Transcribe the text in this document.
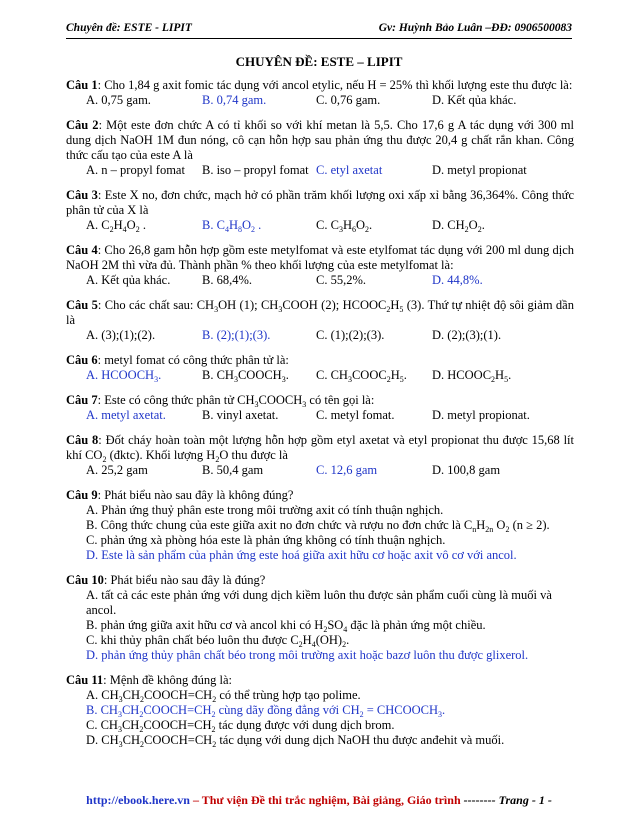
Chuyên đề: ESTE - LIPIT	Gv: Huỳnh Bảo Luân –ĐĐ: 0906500083
CHUYÊN ĐỀ: ESTE – LIPIT
Câu 1: Cho 1,84 g axit fomic tác dụng với ancol etylic, nếu H = 25% thì khối lượng este thu được là:
A. 0,75 gam.	B. 0,74 gam.	C. 0,76 gam.	D. Kết qủa khác.
Câu 2: Một este đơn chức A có tỉ khối so với khí metan là 5,5. Cho 17,6 g A tác dụng với 300 ml dung dịch NaOH 1M đun nóng, cô cạn hỗn hợp sau phản ứng thu được 20,4 g chất rắn khan. Công thức cấu tạo của este A là
A. n – propyl fomat	B. iso – propyl fomat C. etyl axetat	D. metyl propionat
Câu 3: Este X no, đơn chức, mạch hở có phần trăm khối lượng oxi xấp xỉ bằng 36,364%. Công thức phân tử của X là
A. $C_2H_4O_2$ .	B. $C_4H_8O_2$ .	C. $C_3H_6O_2$.	D. $CH_2O_2$.
Câu 4: Cho 26,8 gam hỗn hợp gồm este metylfomat và este etylfomat tác dụng với 200 ml dung dịch NaOH 2M thì vừa đủ. Thành phần % theo khối lượng của este metylfomat là:
A. Kết qủa khác.	B. 68,4%.	C. 55,2%.	D. 44,8%.
Câu 5: Cho các chất sau: $CH_3OH$ (1); $CH_3COOH$ (2); $HCOOC_2H_5$ (3). Thứ tự nhiệt độ sôi giảm dần là
A. (3);(1);(2).	B. (2);(1);(3).	C. (1);(2);(3).	D. (2);(3);(1).
Câu 6: metyl fomat có công thức phân tử là:
A. $HCOOCH_3$.	B. $CH_3COOCH_3$.	C. $CH_3COOC_2H_5$.	D. $HCOOC_2H_5$.
Câu 7: Este có công thức phân tử $CH_3COOCH_3$ có tên gọi là:
A. metyl axetat.	B. vinyl axetat.	C. metyl fomat.	D. metyl propionat.
Câu 8: Đốt cháy hoàn toàn một lượng hỗn hợp gồm etyl axetat và etyl propionat thu được 15,68 lít khí $CO_2$ (đktc). Khối lượng $H_2O$ thu được là
A. 25,2 gam	B. 50,4 gam	C. 12,6 gam	D. 100,8 gam
Câu 9: Phát biểu nào sau đây là không đúng?
A. Phản ứng thuỷ phân este trong môi trường axit có tính thuận nghịch.
B. Công thức chung của este giữa axit no đơn chức và rượu no đơn chức là $C_nH_{2n}$ $O_2$ (n ≥ 2).
C. phản ứng xà phòng hóa este là phản ứng không có tính thuận nghịch.
D. Este là sản phẩm của phản ứng este hoá giữa axit hữu cơ hoặc axit vô cơ với ancol.
Câu 10: Phát biểu nào sau đây là đúng?
A. tất cả các este phản ứng với dung dịch kiềm luôn thu được sản phẩm cuối cùng là muối và ancol.
B. phản ứng giữa axit hữu cơ và ancol khi có $H_2SO_4$ đặc là phản ứng một chiều.
C. khi thủy phân chất béo luôn thu được $C_2H_4(OH)_2$.
D. phản ứng thủy phân chất béo trong môi trường axit hoặc bazơ luôn thu được glixerol.
Câu 11: Mệnh đề không đúng là:
A. $CH_3CH_2COOCH=CH_2$ có thể trùng hợp tạo polime.
B. $CH_3CH_2COOCH=CH_2$ cùng dãy đồng đẳng với $CH_2$ = $CHCOOCH_3$.
C. $CH_3CH_2COOCH=CH_2$ tác dụng được với dung dịch brom.
D. $CH_3CH_2COOCH=CH_2$ tác dụng với dung dịch NaOH thu được anđehit và muối.
http://ebook.here.vn – Thư viện Đề thi trắc nghiệm, Bài giảng, Giáo trình -------- Trang - 1 -
